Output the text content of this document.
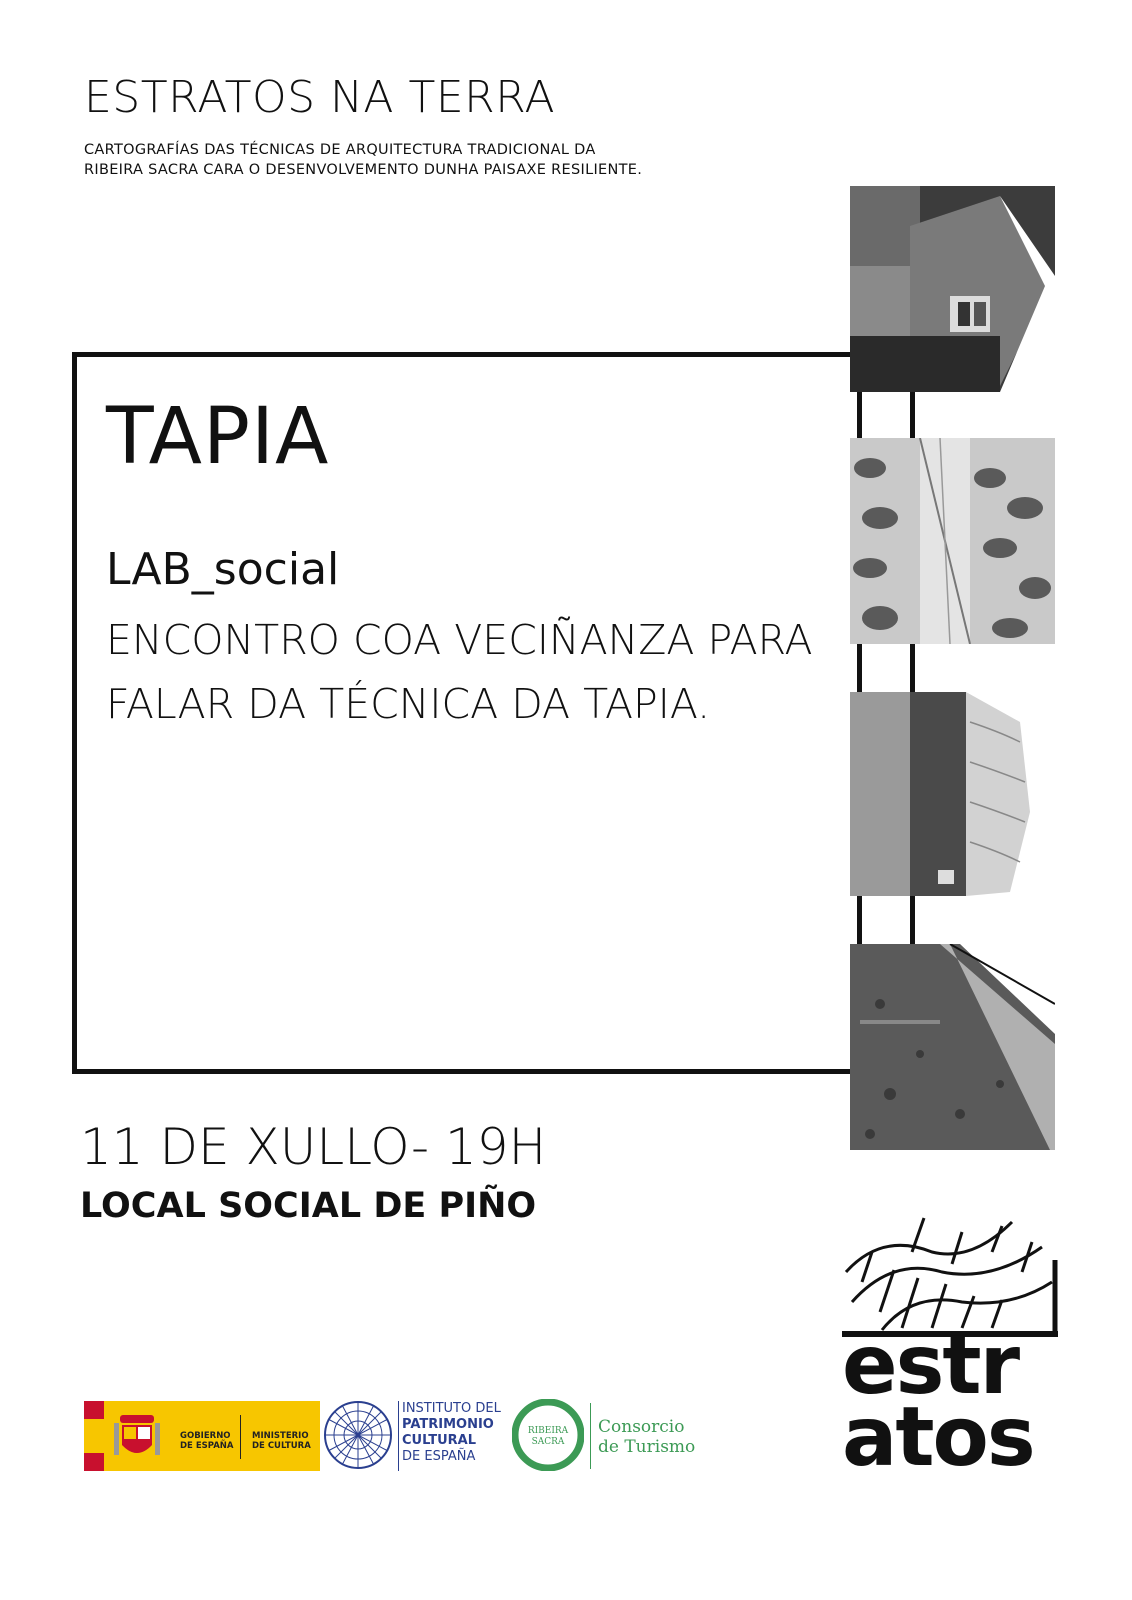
ESTRATOS NA TERRA
CARTOGRAFÍAS DAS TÉCNICAS DE ARQUITECTURA TRADICIONAL DA RIBEIRA SACRA CARA O DESENVOLVEMENTO DUNHA PAISAXE RESILIENTE.
TAPIA
LAB_social
ENCONTRO COA VECIÑANZA PARA FALAR DA TÉCNICA DA TAPIA.
11 DE XULLO- 19H
LOCAL SOCIAL DE PIÑO
estr
atos
GOBIERNO
DE ESPAÑA
MINISTERIO
DE CULTURA
INSTITUTO DEL
PATRIMONIO
CULTURAL
DE ESPAÑA
RIBEIRA
SACRA
Consorcio
de Turismo
